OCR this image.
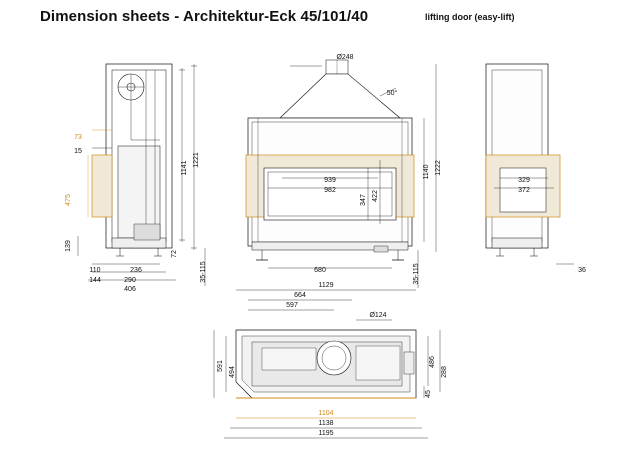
Dimension sheets - Architektur-Eck 45/101/40	lifting door (easy-lift)
1141
1221
73
15
475
139
72
110
144
236
290
406
35-115
Ø248
50°
939
982
347 422
680
1140 1222
35-115
329
372
36
1129
664
597
Ø124
591
494
486
288
45
1104
1138
1195
